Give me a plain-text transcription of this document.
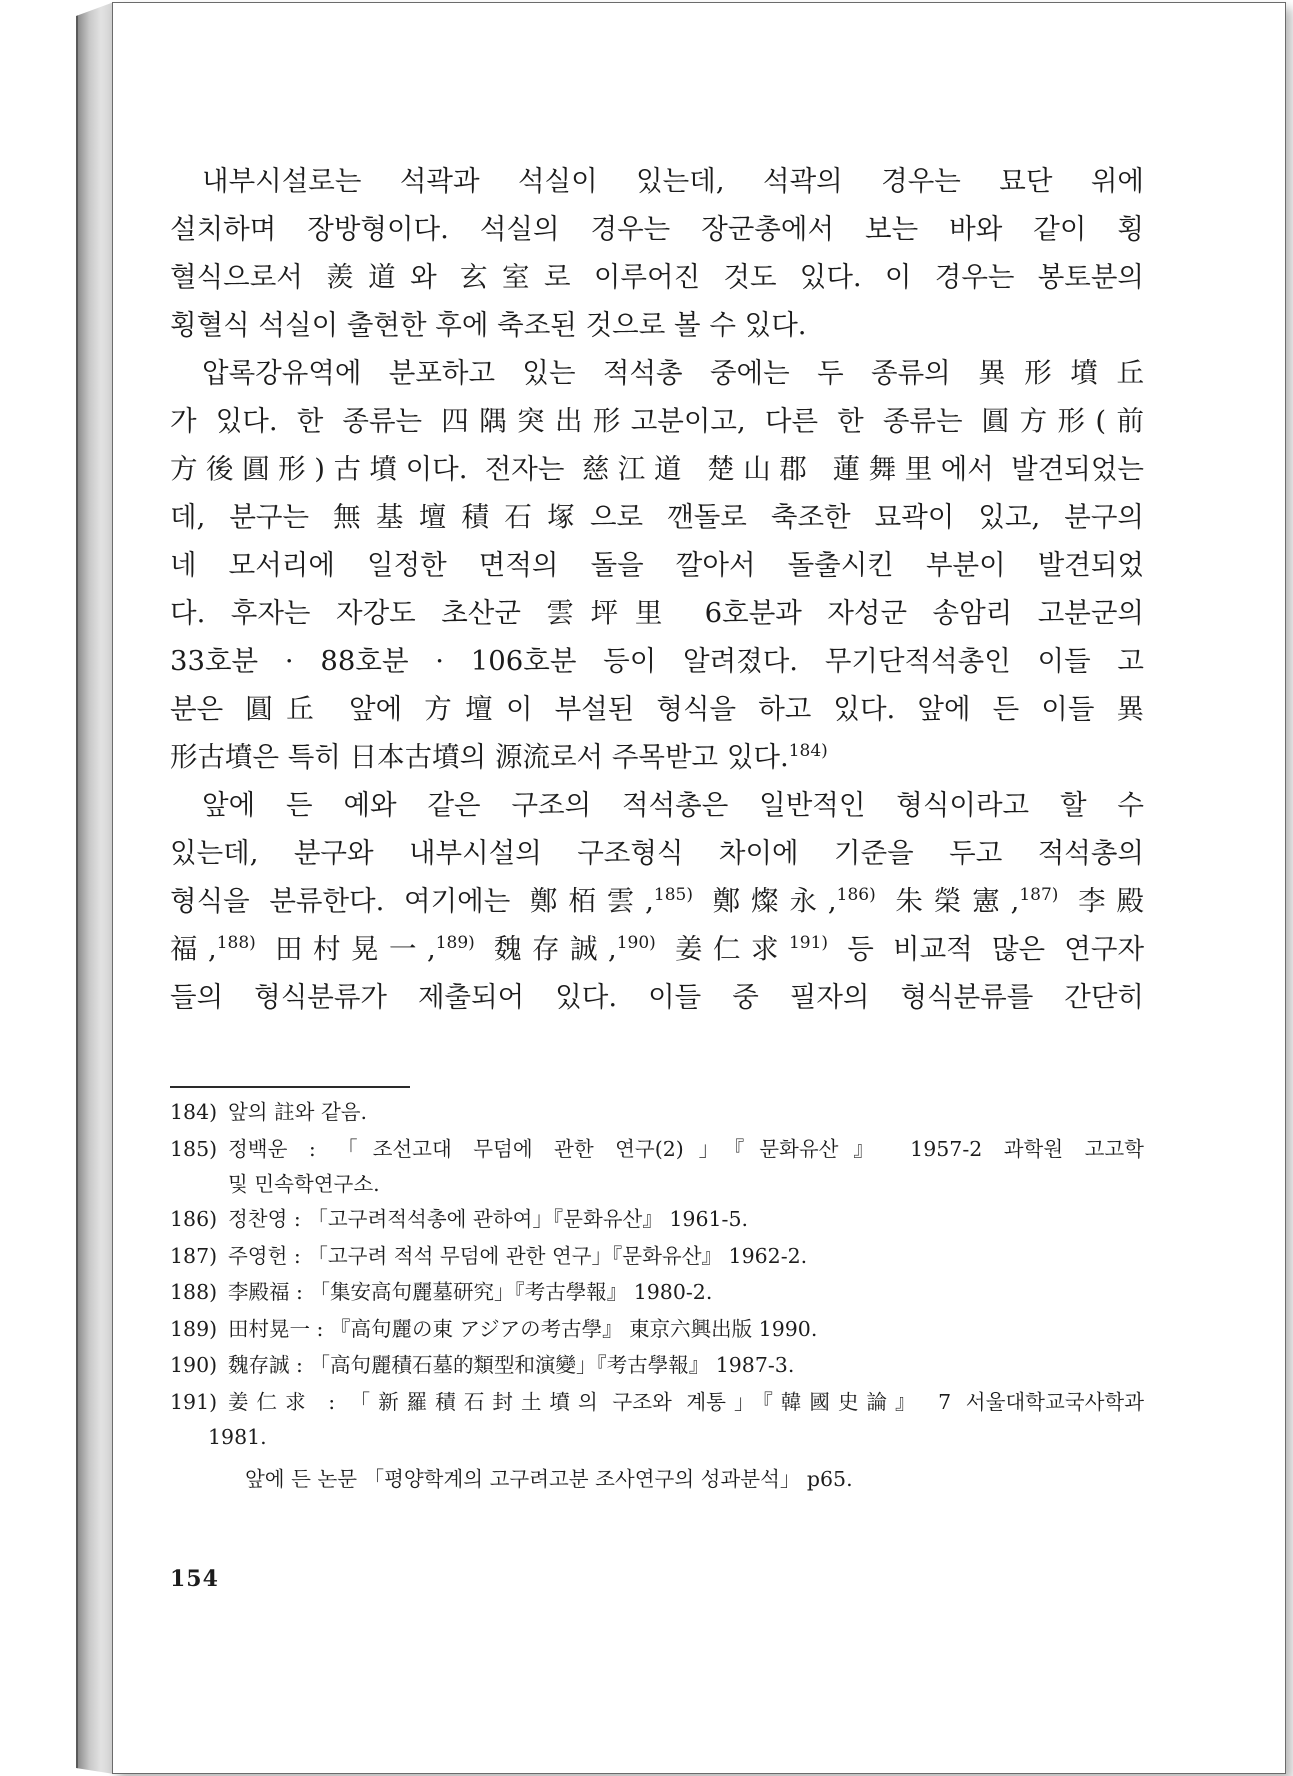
내부시설로는 석곽과 석실이 있는데, 석곽의 경우는 묘단 위에
설치하며 장방형이다. 석실의 경우는 장군총에서 보는 바와 같이 횡
혈식으로서 羨道와 玄室로 이루어진 것도 있다. 이 경우는 봉토분의
횡혈식 석실이 출현한 후에 축조된 것으로 볼 수 있다.
압록강유역에 분포하고 있는 적석총 중에는 두 종류의 異形墳丘
가 있다. 한 종류는 四隅突出形고분이고, 다른 한 종류는 圓方形(前
方後圓形)古墳이다. 전자는 慈江道 楚山郡 蓮舞里에서 발견되었는
데, 분구는 無基壇積石塚으로 깬돌로 축조한 묘곽이 있고, 분구의
네 모서리에 일정한 면적의 돌을 깔아서 돌출시킨 부분이 발견되었
다. 후자는 자강도 초산군 雲坪里 6호분과 자성군 송암리 고분군의
33호분 · 88호분 · 106호분 등이 알려졌다. 무기단적석총인 이들 고
분은 圓丘 앞에 方壇이 부설된 형식을 하고 있다. 앞에 든 이들 異
形古墳은 특히 日本古墳의 源流로서 주목받고 있다.$^{184)}$
앞에 든 예와 같은 구조의 적석총은 일반적인 형식이라고 할 수
있는데, 분구와 내부시설의 구조형식 차이에 기준을 두고 적석총의
형식을 분류한다. 여기에는 鄭栢雲,$^{185)}$ 鄭燦永,$^{186)}$ 朱榮憲,$^{187)}$ 李殿
福,$^{188)}$ 田村晃一,$^{189)}$ 魏存誠,$^{190)}$ 姜仁求$^{191)}$ 등 비교적 많은 연구자
들의 형식분류가 제출되어 있다. 이들 중 필자의 형식분류를 간단히
184) 앞의 註와 같음.
185) 정백운 : 「조선고대 무덤에 관한 연구(2)」『문화유산』 1957-2 과학원 고고학
및 민속학연구소.
186) 정찬영 : 「고구려적석총에 관하여」『문화유산』 1961-5.
187) 주영헌 : 「고구려 적석 무덤에 관한 연구」『문화유산』 1962-2.
188) 李殿福 : 「集安高句麗墓研究」『考古學報』 1980-2.
189) 田村晃一 : 『高句麗の東 アジアの考古學』 東京六興出版 1990.
190) 魏存誠 : 「高句麗積石墓的類型和演變」『考古學報』 1987-3.
191) 姜仁求 : 「新羅積石封土墳의 구조와 계통」『韓國史論』 7 서울대학교국사학과
1981.
앞에 든 논문 「평양학계의 고구려고분 조사연구의 성과분석」 p65.
154
